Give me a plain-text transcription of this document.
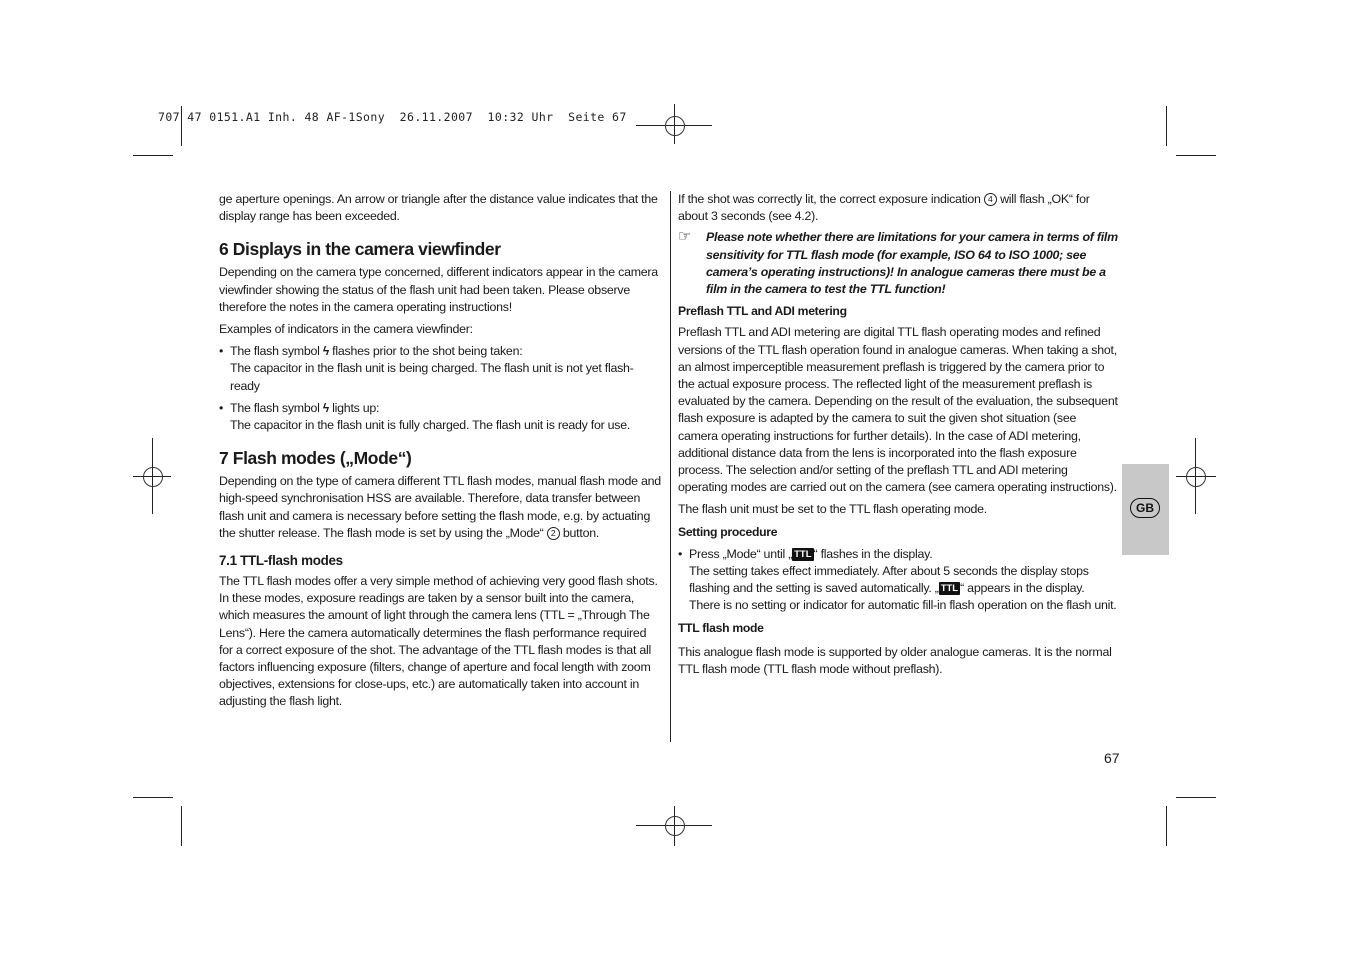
707 47 0151.A1 Inh. 48 AF-1Sony  26.11.2007  10:32 Uhr  Seite 67

ge aperture openings. An arrow or triangle after the distance value indicates that the display range has been exceeded.

6 Displays in the camera viewfinder

Depending on the camera type concerned, different indicators appear in the camera viewfinder showing the status of the flash unit had been taken. Please observe therefore the notes in the camera operating instructions!

Examples of indicators in the camera viewfinder:

• The flash symbol ϟ flashes prior to the shot being taken:
The capacitor in the flash unit is being charged. The flash unit is not yet flash-ready
• The flash symbol ϟ lights up:
The capacitor in the flash unit is fully charged. The flash unit is ready for use.
7 Flash modes („Mode“)

Depending on the type of camera different TTL flash modes, manual flash mode and high-speed synchronisation HSS are available. Therefore, data transfer between flash unit and camera is necessary before setting the flash mode, e.g. by actuating the shutter release. The flash mode is set by using the „Mode“ 2 button.

7.1 TTL-flash modes

The TTL flash modes offer a very simple method of achieving very good flash shots. In these modes, exposure readings are taken by a sensor built into the camera, which measures the amount of light through the camera lens (TTL = „Through The Lens“). Here the camera automatically determines the flash performance required for a correct exposure of the shot. The advantage of the TTL flash modes is that all factors influencing exposure (filters, change of aperture and focal length with zoom objectives, extensions for close-ups, etc.) are automatically taken into account in adjusting the flash light.

If the shot was correctly lit, the correct exposure indication 4 will flash „OK“ for about 3 seconds (see 4.2).

☞ Please note whether there are limitations for your camera in terms of film sensitivity for TTL flash mode (for example, ISO 64 to ISO 1000; see camera’s operating instructions)! In analogue cameras there must be a film in the camera to test the TTL function!

Preflash TTL and ADI metering

Preflash TTL and ADI metering are digital TTL flash operating modes and refined versions of the TTL flash operation found in analogue cameras. When taking a shot, an almost imperceptible measurement preflash is triggered by the camera prior to the actual exposure process. The reflected light of the measurement preflash is evaluated by the camera. Depending on the result of the evaluation, the subsequent flash exposure is adapted by the camera to suit the given shot situation (see camera operating instructions for further details). In the case of ADI metering, additional distance data from the lens is incorporated into the flash exposure process. The selection and/or setting of the preflash TTL and ADI metering operating modes are carried out on the camera (see camera operating instructions).

The flash unit must be set to the TTL flash operating mode.

Setting procedure

• Press „Mode“ until „ TTL “ flashes in the display.
The setting takes effect immediately. After about 5 seconds the display stops flashing and the setting is saved automatically. „ TTL “ appears in the display. There is no setting or indicator for automatic fill-in flash operation on the flash unit.

TTL flash mode

This analogue flash mode is supported by older analogue cameras. It is the normal TTL flash mode (TTL flash mode without preflash).

GB
67
